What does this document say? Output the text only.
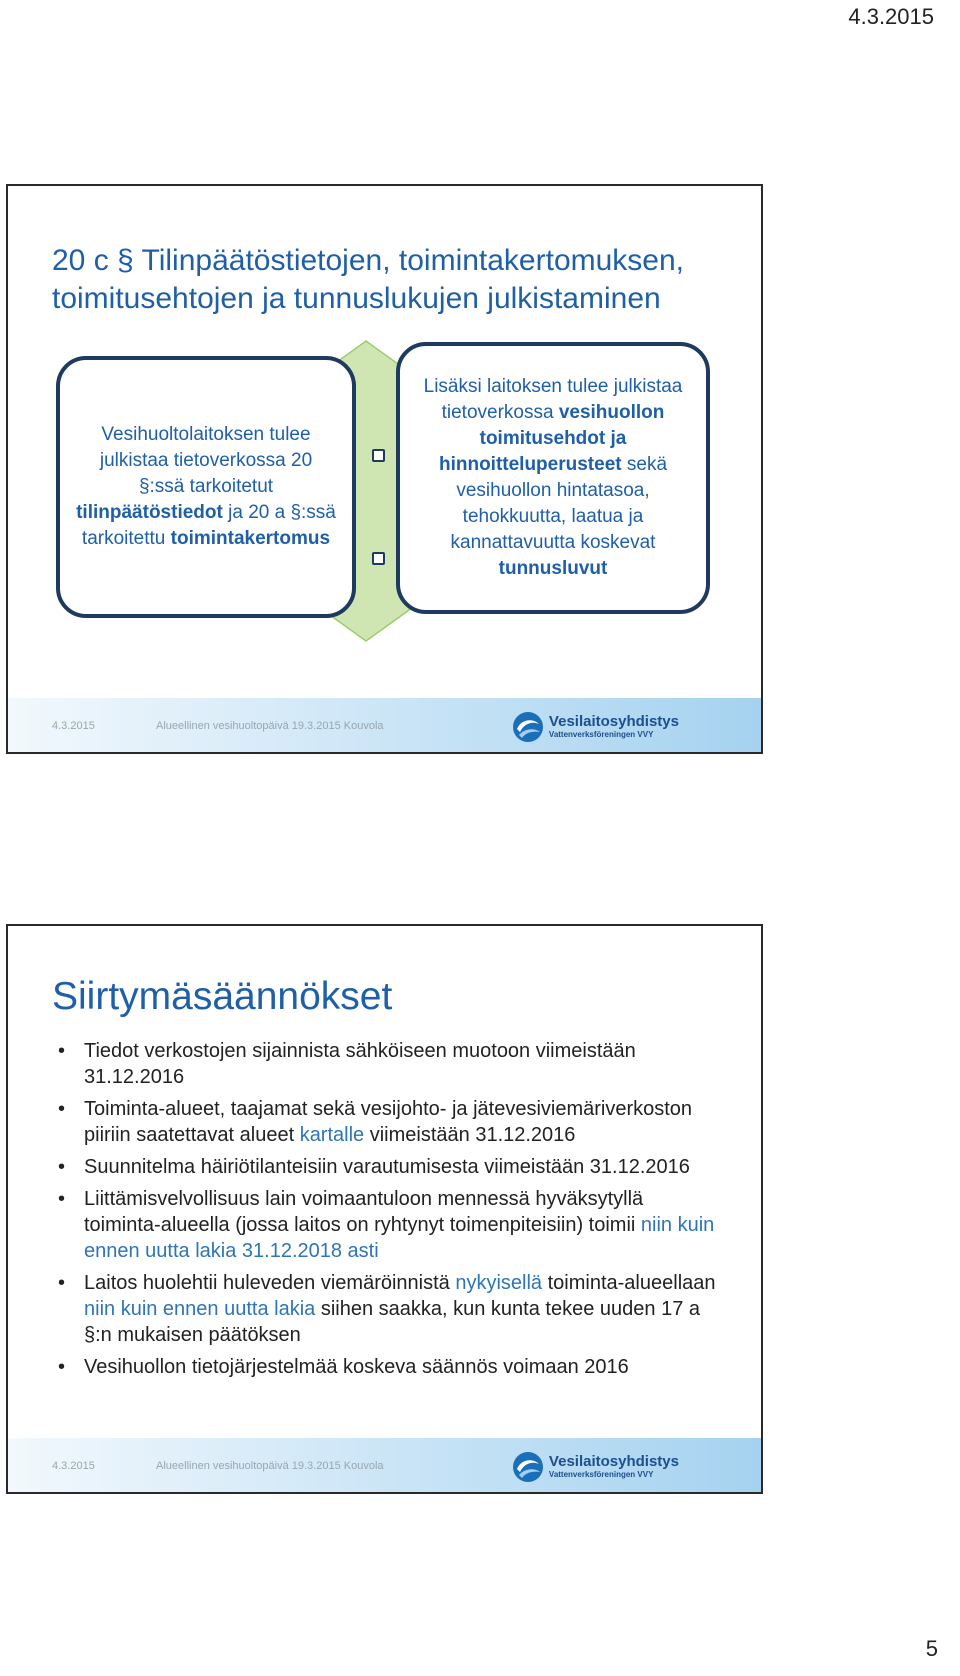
4.3.2015
20 c § Tilinpäätöstietojen, toimintakertomuksen, toimitusehtojen ja tunnuslukujen julkistaminen
Vesihuoltolaitoksen tulee julkistaa tietoverkossa 20 §:ssä tarkoitetut tilinpäätöstiedot ja 20 a §:ssä tarkoitettu toimintakertomus
Lisäksi laitoksen tulee julkistaa tietoverkossa vesihuollon toimitusehdot ja hinnoitteluperusteet sekä vesihuollon hintatasoa, tehokkuutta, laatua ja kannattavuutta koskevat tunnusluvut
4.3.2015	Alueellinen vesihuoltopäivä 19.3.2015 Kouvola	Vesilaitosyhdistys
Vattenverksföreningen VVY
Siirtymäsäännökset
• Tiedot verkostojen sijainnista sähköiseen muotoon viimeistään 31.12.2016
• Toiminta-alueet, taajamat sekä vesijohto- ja jätevesiviemäriverkoston piiriin saatettavat alueet kartalle viimeistään 31.12.2016
• Suunnitelma häiriötilanteisiin varautumisesta viimeistään 31.12.2016
• Liittämisvelvollisuus lain voimaantuloon mennessä hyväksytyllä toiminta-alueella (jossa laitos on ryhtynyt toimenpiteisiin) toimii niin kuin ennen uutta lakia 31.12.2018 asti
• Laitos huolehtii huleveden viemäröinnistä nykyisellä toiminta-alueellaan niin kuin ennen uutta lakia siihen saakka, kun kunta tekee uuden 17 a §:n mukaisen päätöksen
• Vesihuollon tietojärjestelmää koskeva säännös voimaan 2016
4.3.2015	Alueellinen vesihuoltopäivä 19.3.2015 Kouvola	Vesilaitosyhdistys
Vattenverksföreningen VVY
5
